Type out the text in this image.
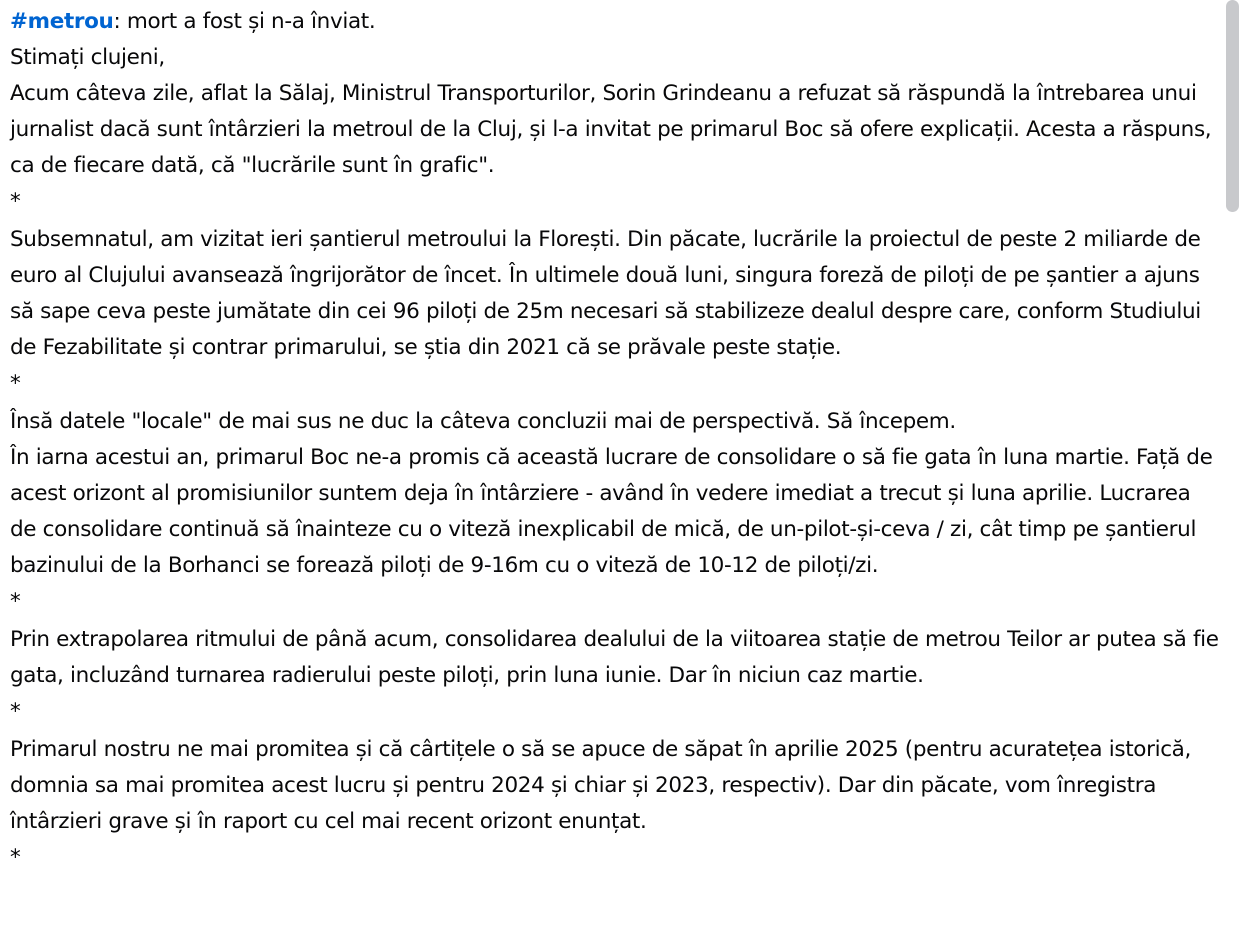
#metrou: mort a fost și n-a înviat.

Stimați clujeni,

Acum câteva zile, aflat la Sălaj, Ministrul Transporturilor, Sorin Grindeanu a refuzat să răspundă la întrebarea unui jurnalist dacă sunt întârzieri la metroul de la Cluj, și l-a invitat pe primarul Boc să ofere explicații. Acesta a răspuns, ca de fiecare dată, că "lucrările sunt în grafic".

*

Subsemnatul, am vizitat ieri șantierul metroului la Florești. Din păcate, lucrările la proiectul de peste 2 miliarde de euro al Clujului avansează îngrijorător de încet. În ultimele două luni, singura foreză de piloți de pe șantier a ajuns să sape ceva peste jumătate din cei 96 piloți de 25m necesari să stabilizeze dealul despre care, conform Studiului de Fezabilitate și contrar primarului, se știa din 2021 că se prăvale peste stație.

*

Însă datele "locale" de mai sus ne duc la câteva concluzii mai de perspectivă. Să începem.

În iarna acestui an, primarul Boc ne-a promis că această lucrare de consolidare o să fie gata în luna martie. Față de acest orizont al promisiunilor suntem deja în întârziere - având în vedere imediat a trecut și luna aprilie. Lucrarea de consolidare continuă să înainteze cu o viteză inexplicabil de mică, de un-pilot-și-ceva / zi, cât timp pe șantierul bazinului de la Borhanci se forează piloți de 9-16m cu o viteză de 10-12 de piloți/zi.

*

Prin extrapolarea ritmului de până acum, consolidarea dealului de la viitoarea stație de metrou Teilor ar putea să fie gata, incluzând turnarea radierului peste piloți, prin luna iunie. Dar în niciun caz martie.

*

Primarul nostru ne mai promitea și că cârtițele o să se apuce de săpat în aprilie 2025 (pentru acuratețea istorică, domnia sa mai promitea acest lucru și pentru 2024 și chiar și 2023, respectiv). Dar din păcate, vom înregistra întârzieri grave și în raport cu cel mai recent orizont enunțat.

*
